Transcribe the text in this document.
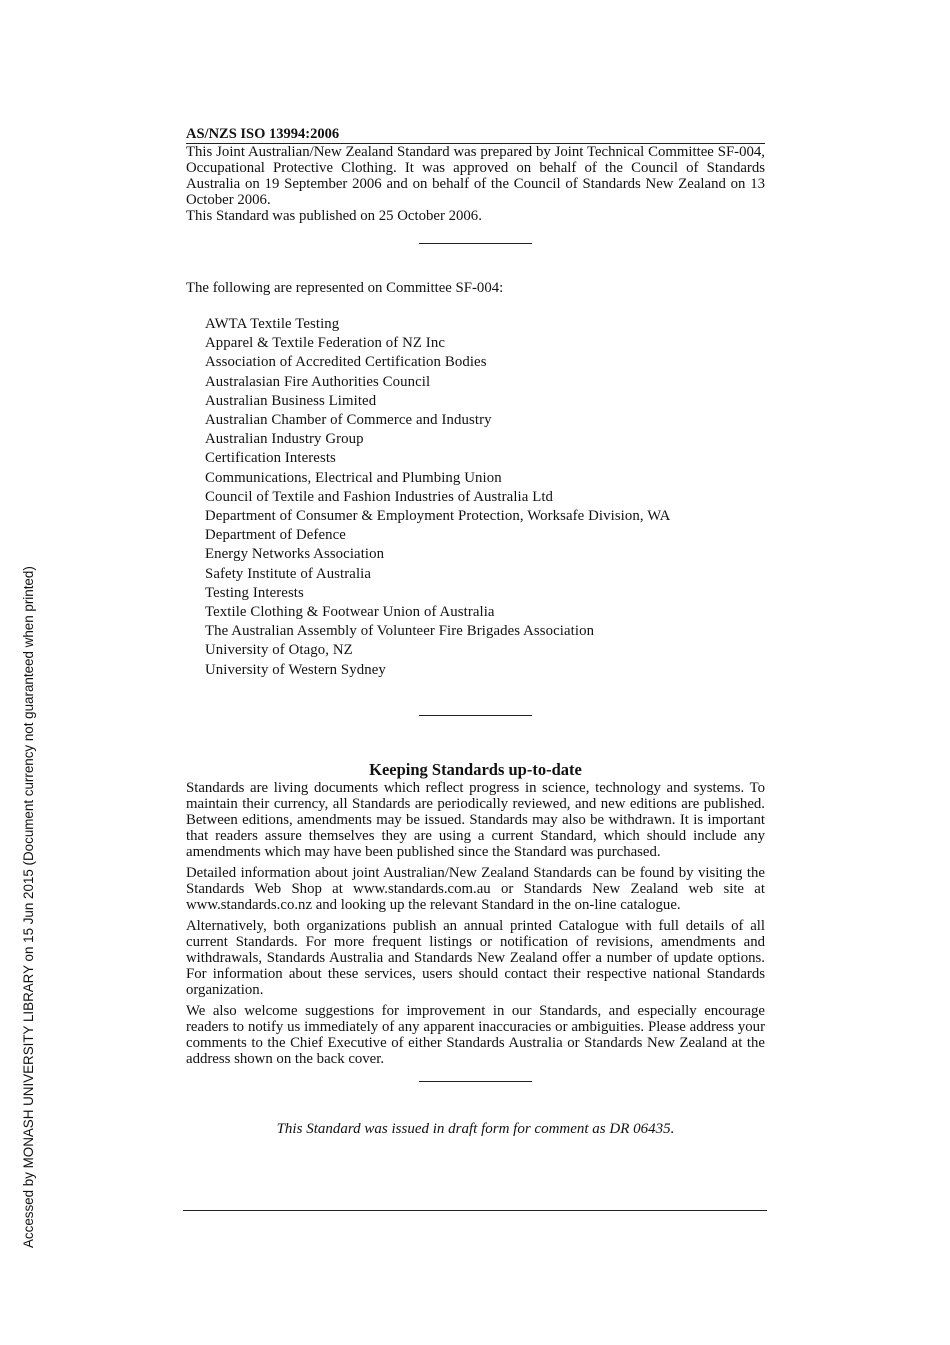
Accessed by MONASH UNIVERSITY LIBRARY on 15 Jun 2015 (Document currency not guaranteed when printed)
AS/NZS ISO 13994:2006

This Joint Australian/New Zealand Standard was prepared by Joint Technical Committee SF-004, Occupational Protective Clothing. It was approved on behalf of the Council of Standards Australia on 19 September 2006 and on behalf of the Council of Standards New Zealand on 13 October 2006.

This Standard was published on 25 October 2006.

The following are represented on Committee SF-004:
AWTA Textile Testing
Apparel & Textile Federation of NZ Inc
Association of Accredited Certification Bodies
Australasian Fire Authorities Council
Australian Business Limited
Australian Chamber of Commerce and Industry
Australian Industry Group
Certification Interests
Communications, Electrical and Plumbing Union
Council of Textile and Fashion Industries of Australia Ltd
Department of Consumer & Employment Protection, Worksafe Division, WA
Department of Defence
Energy Networks Association
Safety Institute of Australia
Testing Interests
Textile Clothing & Footwear Union of Australia
The Australian Assembly of Volunteer Fire Brigades Association
University of Otago, NZ
University of Western Sydney
Keeping Standards up-to-date

Standards are living documents which reflect progress in science, technology and systems. To maintain their currency, all Standards are periodically reviewed, and new editions are published. Between editions, amendments may be issued. Standards may also be withdrawn. It is important that readers assure themselves they are using a current Standard, which should include any amendments which may have been published since the Standard was purchased.

Detailed information about joint Australian/New Zealand Standards can be found by visiting the Standards Web Shop at www.standards.com.au or Standards New Zealand web site at www.standards.co.nz and looking up the relevant Standard in the on-line catalogue.

Alternatively, both organizations publish an annual printed Catalogue with full details of all current Standards. For more frequent listings or notification of revisions, amendments and withdrawals, Standards Australia and Standards New Zealand offer a number of update options. For information about these services, users should contact their respective national Standards organization.

We also welcome suggestions for improvement in our Standards, and especially encourage readers to notify us immediately of any apparent inaccuracies or ambiguities. Please address your comments to the Chief Executive of either Standards Australia or Standards New Zealand at the address shown on the back cover.

This Standard was issued in draft form for comment as DR 06435.
